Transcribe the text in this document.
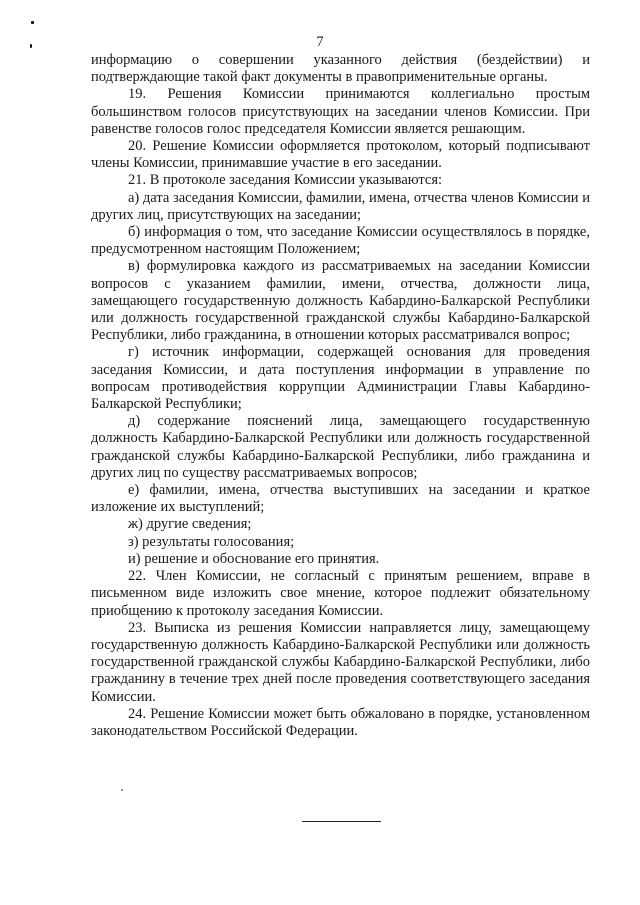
7

информацию о совершении указанного действия (бездействии) и подтверждающие такой факт документы в правоприменительные органы.

19. Решения Комиссии принимаются коллегиально простым большинством голосов присутствующих на заседании членов Комиссии. При равенстве голосов голос председателя Комиссии является решающим.

20. Решение Комиссии оформляется протоколом, который подписывают члены Комиссии, принимавшие участие в его заседании.

21. В протоколе заседания Комиссии указываются:

а) дата заседания Комиссии, фамилии, имена, отчества членов Комиссии и других лиц, присутствующих на заседании;

б) информация о том, что заседание Комиссии осуществлялось в порядке, предусмотренном настоящим Положением;

в) формулировка каждого из рассматриваемых на заседании Комиссии вопросов с указанием фамилии, имени, отчества, должности лица, замещающего государственную должность Кабардино-Балкарской Республики или должность государственной гражданской службы Кабардино-Балкарской Республики, либо гражданина, в отношении которых рассматривался вопрос;

г) источник информации, содержащей основания для проведения заседания Комиссии, и дата поступления информации в управление по вопросам противодействия коррупции Администрации Главы Кабардино-Балкарской Республики;

д) содержание пояснений лица, замещающего государственную должность Кабардино-Балкарской Республики или должность государственной гражданской службы Кабардино-Балкарской Республики, либо гражданина и других лиц по существу рассматриваемых вопросов;

е) фамилии, имена, отчества выступивших на заседании и краткое изложение их выступлений;

ж) другие сведения;

з) результаты голосования;

и) решение и обоснование его принятия.

22. Член Комиссии, не согласный с принятым решением, вправе в письменном виде изложить свое мнение, которое подлежит обязательному приобщению к протоколу заседания Комиссии.

23. Выписка из решения Комиссии направляется лицу, замещающему государственную должность Кабардино-Балкарской Республики или должность государственной гражданской службы Кабардино-Балкарской Республики, либо гражданину в течение трех дней после проведения соответствующего заседания Комиссии.

24. Решение Комиссии может быть обжаловано в порядке, установленном законодательством Российской Федерации.
